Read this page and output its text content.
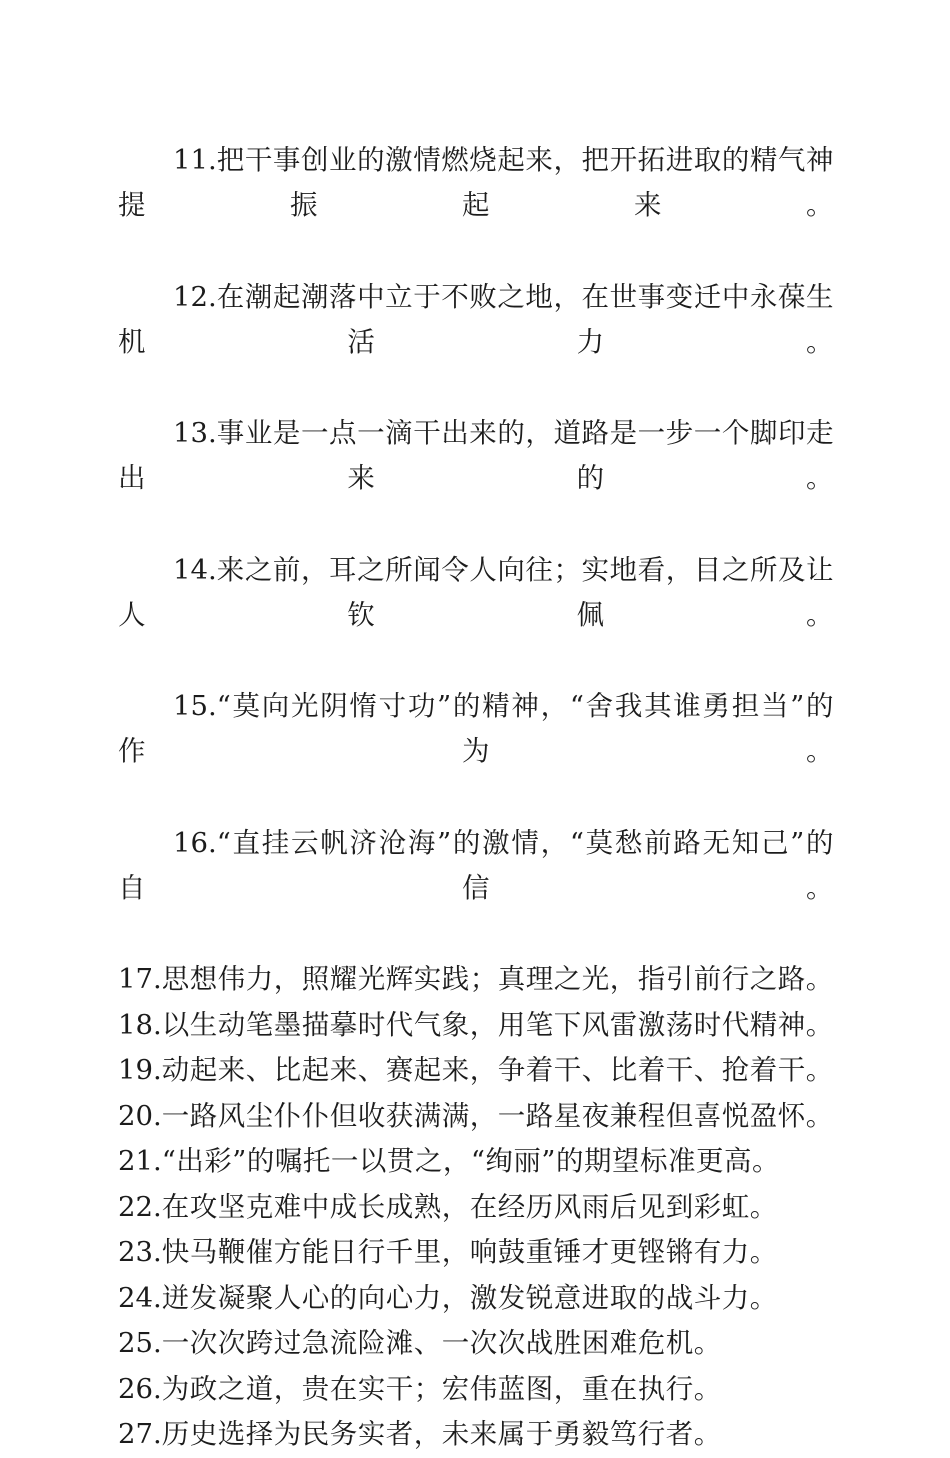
11.把干事创业的激情燃烧起来，把开拓进取的精气神提振起来。

12.在潮起潮落中立于不败之地，在世事变迁中永葆生机活力。

13.事业是一点一滴干出来的，道路是一步一个脚印走出来的。

14.来之前，耳之所闻令人向往；实地看，目之所及让人钦佩。

15.“莫向光阴惰寸功”的精神，“舍我其谁勇担当”的作为。

16.“直挂云帆济沧海”的激情，“莫愁前路无知己”的自信。

17.思想伟力，照耀光辉实践；真理之光，指引前行之路。

18.以生动笔墨描摹时代气象，用笔下风雷激荡时代精神。

19.动起来、比起来、赛起来，争着干、比着干、抢着干。

20.一路风尘仆仆但收获满满，一路星夜兼程但喜悦盈怀。

21.“出彩”的嘱托一以贯之，“绚丽”的期望标准更高。

22.在攻坚克难中成长成熟，在经历风雨后见到彩虹。

23.快马鞭催方能日行千里，响鼓重锤才更铿锵有力。

24.迸发凝聚人心的向心力，激发锐意进取的战斗力。

25.一次次跨过急流险滩、一次次战胜困难危机。

26.为政之道，贵在实干；宏伟蓝图，重在执行。

27.历史选择为民务实者，未来属于勇毅笃行者。
